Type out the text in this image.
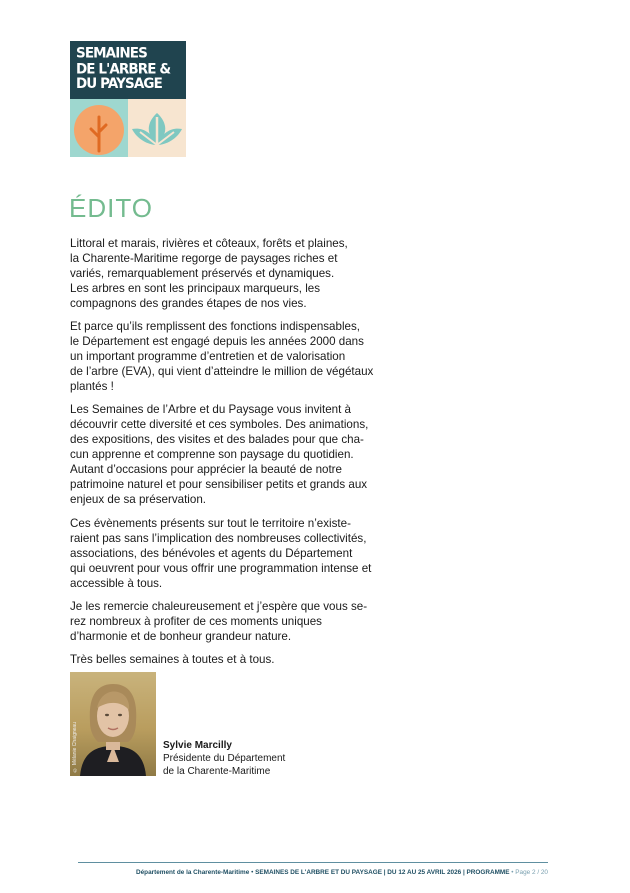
SEMAINES
DE L'ARBRE &
DU PAYSAGE
ÉDITO

Littoral et marais, rivières et côteaux, forêts et plaines,
la Charente-Maritime regorge de paysages riches et
variés, remarquablement préservés et dynamiques.
Les arbres en sont les principaux marqueurs, les
compagnons des grandes étapes de nos vies.

Et parce qu’ils remplissent des fonctions indispensables,
le Département est engagé depuis les années 2000 dans
un important programme d’entretien et de valorisation
de l’arbre (EVA), qui vient d’atteindre le million de végétaux
plantés !

Les Semaines de l’Arbre et du Paysage vous invitent à
découvrir cette diversité et ces symboles. Des animations,
des expositions, des visites et des balades pour que cha-
cun apprenne et comprenne son paysage du quotidien.
Autant d’occasions pour apprécier la beauté de notre
patrimoine naturel et pour sensibiliser petits et grands aux
enjeux de sa préservation.

Ces évènements présents sur tout le territoire n’existe-
raient pas sans l’implication des nombreuses collectivités,
associations, des bénévoles et agents du Département
qui oeuvrent pour vous offrir une programmation intense et
accessible à tous.

Je les remercie chaleureusement et j’espère que vous se-
rez nombreux à profiter de ces moments uniques
d’harmonie et de bonheur grandeur nature.

Très belles semaines à toutes et à tous.

© Mélanie Chaigneau	Sylvie Marcilly
Présidente du Département
de la Charente-Maritime
Département de la Charente-Maritime • SEMAINES DE L'ARBRE ET DU PAYSAGE | DU 12 AU 25 AVRIL 2026 | PROGRAMME • Page 2 / 20
